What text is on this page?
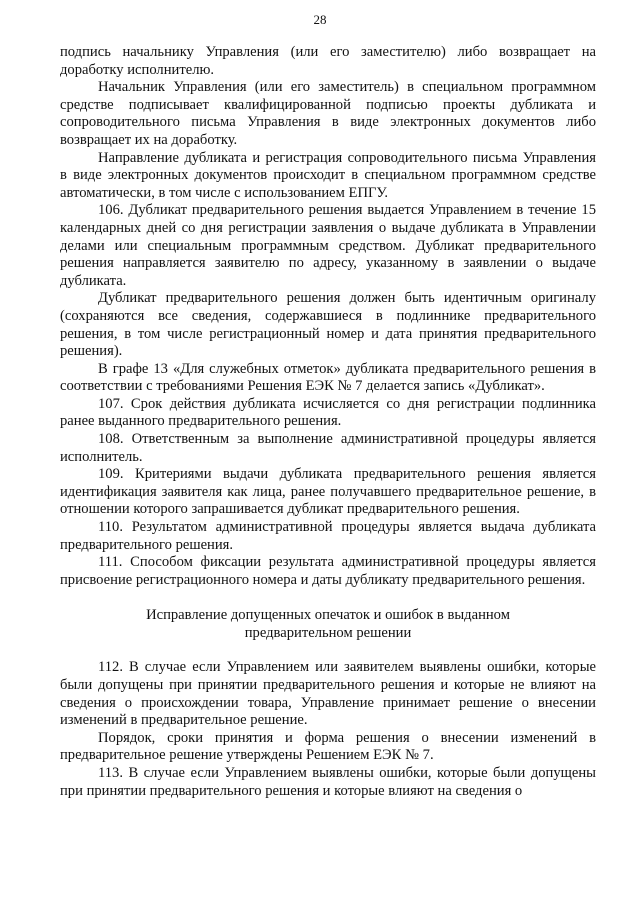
28

подпись начальнику Управления (или его заместителю) либо возвращает на доработку исполнителю.

Начальник Управления (или его заместитель) в специальном программном средстве подписывает квалифицированной подписью проекты дубликата и сопроводительного письма Управления в виде электронных документов либо возвращает их на доработку.

Направление дубликата и регистрация сопроводительного письма Управления в виде электронных документов происходит в специальном программном средстве автоматически, в том числе с использованием ЕПГУ.

106. Дубликат предварительного решения выдается Управлением в течение 15 календарных дней со дня регистрации заявления о выдаче дубликата в Управлении делами или специальным программным средством. Дубликат предварительного решения направляется заявителю по адресу, указанному в заявлении о выдаче дубликата.

Дубликат предварительного решения должен быть идентичным оригиналу (сохраняются все сведения, содержавшиеся в подлиннике предварительного решения, в том числе регистрационный номер и дата принятия предварительного решения).

В графе 13 «Для служебных отметок» дубликата предварительного решения в соответствии с требованиями Решения ЕЭК № 7 делается запись «Дубликат».

107. Срок действия дубликата исчисляется со дня регистрации подлинника ранее выданного предварительного решения.

108. Ответственным за выполнение административной процедуры является исполнитель.

109. Критериями выдачи дубликата предварительного решения является идентификация заявителя как лица, ранее получавшего предварительное решение, в отношении которого запрашивается дубликат предварительного решения.

110. Результатом административной процедуры является выдача дубликата предварительного решения.

111. Способом фиксации результата административной процедуры является присвоение регистрационного номера и даты дубликату предварительного решения.

Исправление допущенных опечаток и ошибок в выданном
предварительном решении

112. В случае если Управлением или заявителем выявлены ошибки, которые были допущены при принятии предварительного решения и которые не влияют на сведения о происхождении товара, Управление принимает решение о внесении изменений в предварительное решение.

Порядок, сроки принятия и форма решения о внесении изменений в предварительное решение утверждены Решением ЕЭК № 7.

113. В случае если Управлением выявлены ошибки, которые были допущены при принятии предварительного решения и которые влияют на сведения о
